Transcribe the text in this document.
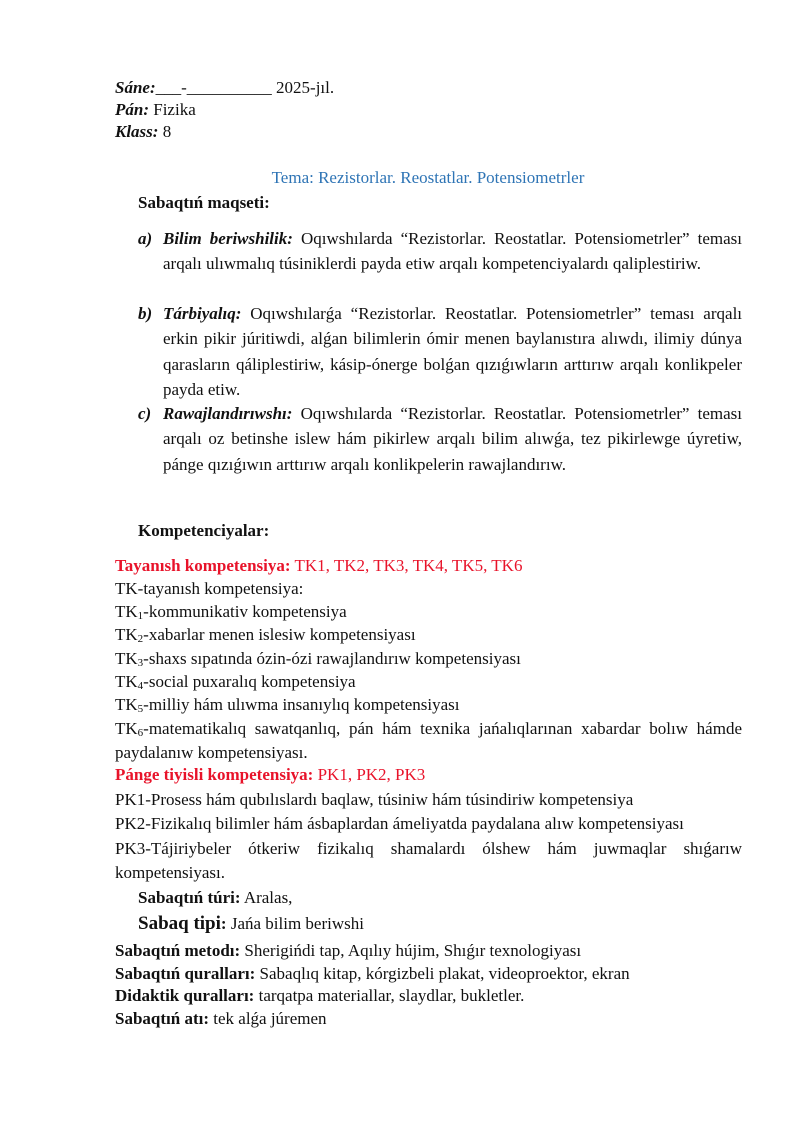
Sáne:___-__________ 2025-jıl.
Pán: Fizika
Klass: 8
Tema: Rezistorlar. Reostatlar. Potensiometrler
Sabaqtıń maqseti:
a) Bilim beriwshilik: Oqıwshılarda “Rezistorlar. Reostatlar. Potensiometrler” teması arqalı ulıwmalıq túsiniklerdi payda etiw arqalı kompetenciyalardı qaliplestiriw.

b) Tárbiyalıq: Oqıwshılarǵa “Rezistorlar. Reostatlar. Potensiometrler” teması arqalı erkin pikir júritiwdi, alǵan bilimlerin ómir menen baylanıstıra alıwdı, ilimiy dúnya qarasların qáliplestiriw, kásip-ónerge bolǵan qızıǵıwların arttırıw arqalı konlikpeler payda etiw.

c) Rawajlandırıwshı: Oqıwshılarda “Rezistorlar. Reostatlar. Potensiometrler” teması arqalı oz betinshe islew hám pikirlew arqalı bilim alıwǵa, tez pikirlewge úyretiw, pánge qızıǵıwın arttırıw arqalı konlikpelerin rawajlandırıw.

Kompetenciyalar:
Tayanısh kompetensiya: TK1, TK2, TK3, TK4, TK5, TK6
TK-tayanısh kompetensiya:
$TK_1$-kommunikativ kompetensiya
$TK_2$-xabarlar menen islesiw kompetensiyası
$TK_3$-shaxs sıpatında ózin-ózi rawajlandırıw kompetensiyası
$TK_4$-social puxaralıq kompetensiya
$TK_5$-milliy hám ulıwma insanıylıq kompetensiyası
$TK_6$-matematikalıq sawatqanlıq, pán hám texnika jańalıqlarınan xabardar bolıw hámde paydalanıw kompetensiyası.
Pánge tiyisli kompetensiya: PK1, PK2, PK3
PK1-Prosess hám qubılıslardı baqlaw, túsiniw hám túsindiriw kompetensiya
PK2-Fizikalıq bilimler hám ásbaplardan ámeliyatda paydalana alıw kompetensiyası
PK3-Tájiriybeler ótkeriw fizikalıq shamalardı ólshew hám juwmaqlar shıǵarıw kompetensiyası.
Sabaqtıń túri: Aralas,
Sabaq tipi: Jańa bilim beriwshi
Sabaqtıń metodı: Sherigińdi tap, Aqılıy hújim, Shıǵır texnologiyası
Sabaqtıń quralları: Sabaqlıq kitap, kórgizbeli plakat, videoproektor, ekran
Didaktik quralları: tarqatpa materiallar, slaydlar, bukletler.
Sabaqtıń atı: tek alǵa júremen
